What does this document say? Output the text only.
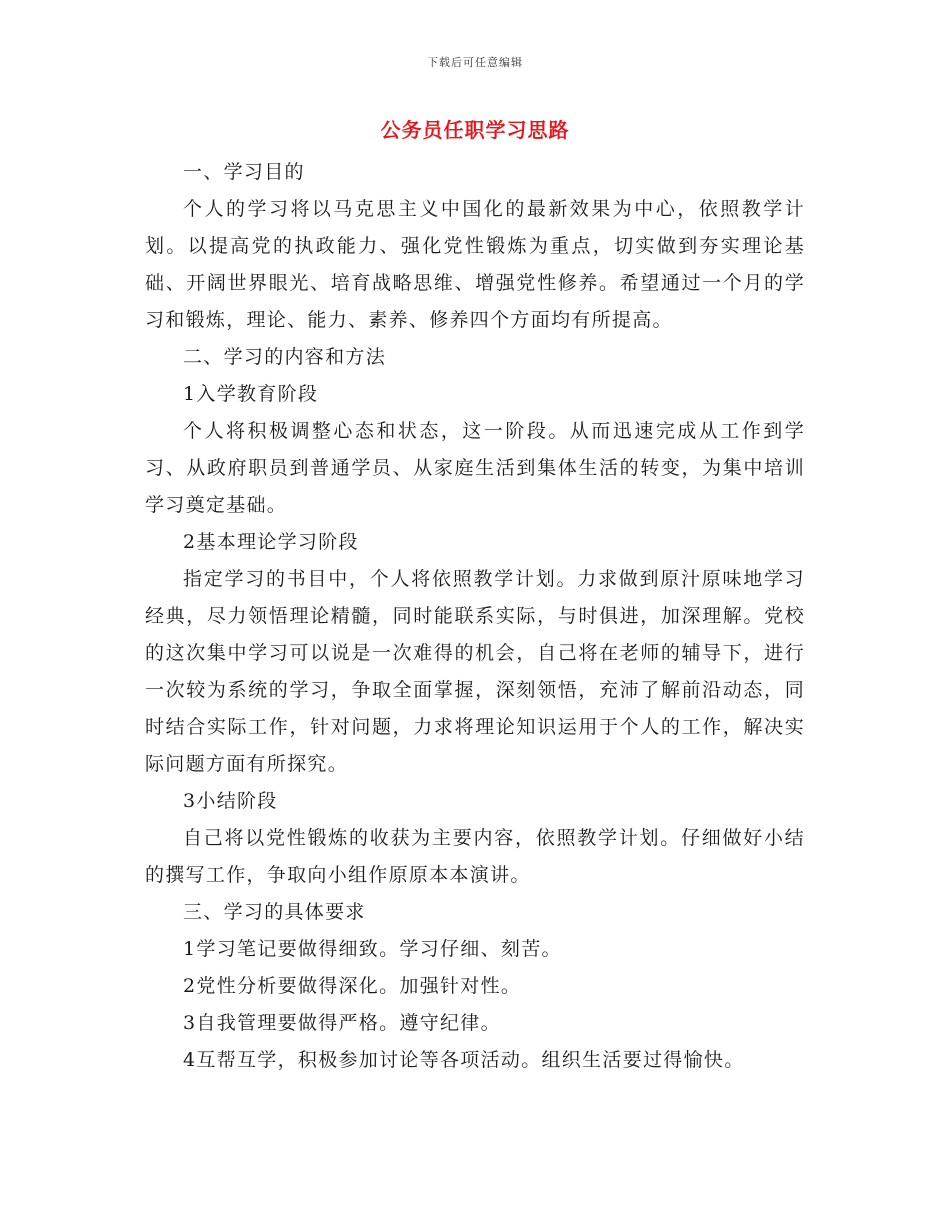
下载后可任意编辑
公务员任职学习思路

一、学习目的

个人的学习将以马克思主义中国化的最新效果为中心，依照教学计划。以提高党的执政能力、强化党性锻炼为重点，切实做到夯实理论基础、开阔世界眼光、培育战略思维、增强党性修养。希望通过一个月的学习和锻炼，理论、能力、素养、修养四个方面均有所提高。

二、学习的内容和方法

1入学教育阶段

个人将积极调整心态和状态，这一阶段。从而迅速完成从工作到学习、从政府职员到普通学员、从家庭生活到集体生活的转变，为集中培训学习奠定基础。

2基本理论学习阶段

指定学习的书目中，个人将依照教学计划。力求做到原汁原味地学习经典，尽力领悟理论精髓，同时能联系实际，与时俱进，加深理解。党校的这次集中学习可以说是一次难得的机会，自己将在老师的辅导下，进行一次较为系统的学习，争取全面掌握，深刻领悟，充沛了解前沿动态，同时结合实际工作，针对问题，力求将理论知识运用于个人的工作，解决实际问题方面有所探究。

3小结阶段

自己将以党性锻炼的收获为主要内容，依照教学计划。仔细做好小结的撰写工作，争取向小组作原原本本演讲。

三、学习的具体要求

1学习笔记要做得细致。学习仔细、刻苦。

2党性分析要做得深化。加强针对性。

3自我管理要做得严格。遵守纪律。

4互帮互学，积极参加讨论等各项活动。组织生活要过得愉快。
